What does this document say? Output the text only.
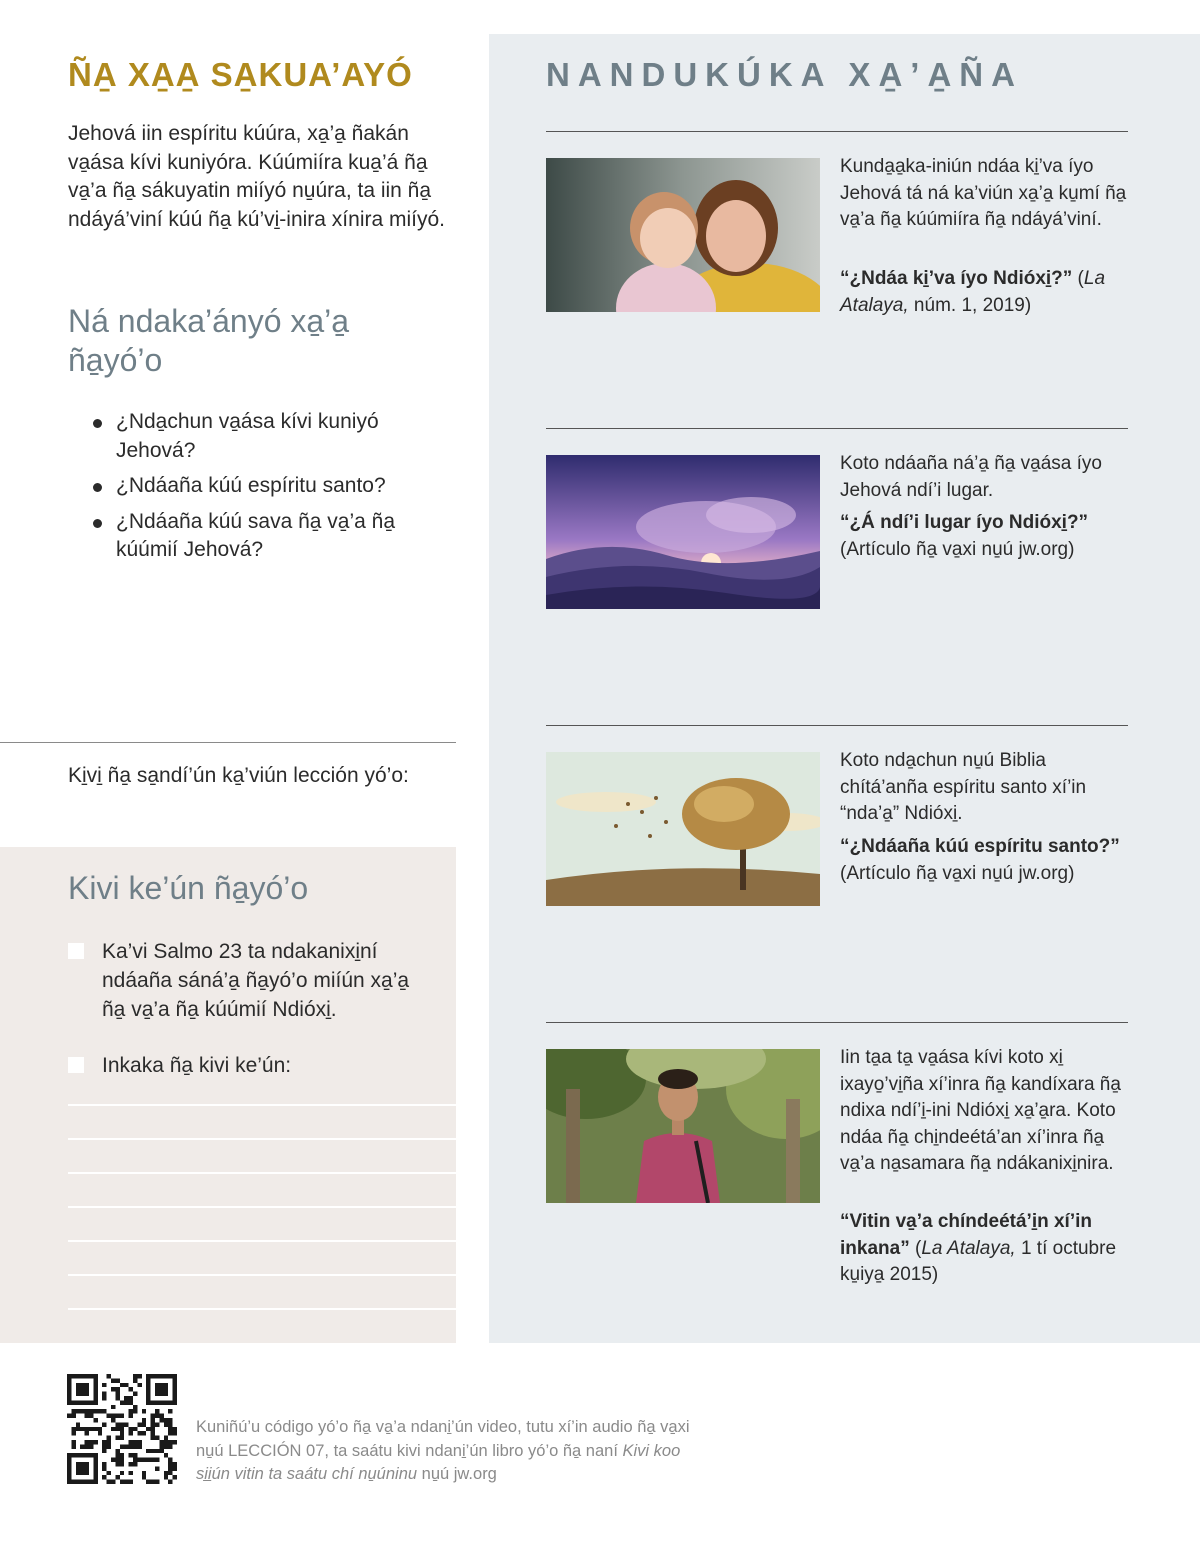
ÑA̱ XA̱A̱ SA̱KUA’AYÓ

Jehová iin espíritu kúúra, xa̱’a̱ ñakán va̱ása kívi kuniyóra. Kúúmiíra kua̱’á ña̱ va̱’a ña̱ sákuyatin miíyó nu̱úra, ta iin ña̱ ndáyá’viní kúú ña̱ kú’vi̱-inira xínira miíyó.

Ná ndaka’ányó xa̱’a̱ ña̱yó’o
¿Nda̱chun va̱ása kívi kuniyó Jehová?
¿Ndáaña kúú espíritu santo?
¿Ndáaña kúú sava ña̱ va̱’a ña̱ kúúmií Jehová?

Ki̱vi̱ ña̱ sa̱ndí’ún ka̱’viún lección yó’o:

Kivi ke’ún ña̱yó’o
Ka’vi Salmo 23 ta ndakanixi̱ní ndáaña sáná’a̱ ña̱yó’o miíún xa̱’a̱ ña̱ va̱’a ña̱ kúúmií Ndióxi̱.
Inkaka ña̱ kivi ke’ún:
NANDUKÚKA XA̱’A̱ÑA

Kunda̱a̱ka-iniún ndáa ki̱’va íyo Jehová tá ná ka’viún xa̱’a̱ ku̱mí ña̱ va̱’a ña̱ kúúmiíra ña̱ ndáyá’viní.

“¿Ndáa ki̱’va íyo Ndióxi̱?” (La Atalaya, núm. 1, 2019)

Koto ndáaña ná’a̱ ña̱ va̱ása íyo Jehová ndí’i lugar.

“¿Á ndí’i lugar íyo Ndióxi̱?” (Artículo ña̱ va̱xi nu̱ú jw.org)

Koto nda̱chun nu̱ú Biblia chítá’anña espíritu santo xí’in “nda’a̱” Ndióxi̱.

“¿Ndáaña kúú espíritu santo?” (Artículo ña̱ va̱xi nu̱ú jw.org)

Iin ta̱a ta̱ va̱ása kívi koto xi̱ ixayo̱’vi̱ña xí’inra ña̱ kandíxara ña̱ ndixa ndí’i̱-ini Ndióxi̱ xa̱’a̱ra. Koto ndáa ña̱ chi̱ndeétá’an xí’inra ña̱ va̱’a na̱samara ña̱ ndákanixi̱nira.

“Vitin va̱’a chíndeétá’i̱n xí’in inkana” (La Atalaya, 1 tí octubre ku̱iya̱ 2015)

Kuniñú’u código yó’o ña̱ va̱’a ndani̱’ún video, tutu xí’in audio ña̱ va̱xi nu̱ú LECCIÓN 07, ta saátu kivi ndani̱’ún libro yó’o ña̱ naní Kivi koo si̱i̱ún vitin ta saátu chí nu̱úninu nu̱ú jw.org
